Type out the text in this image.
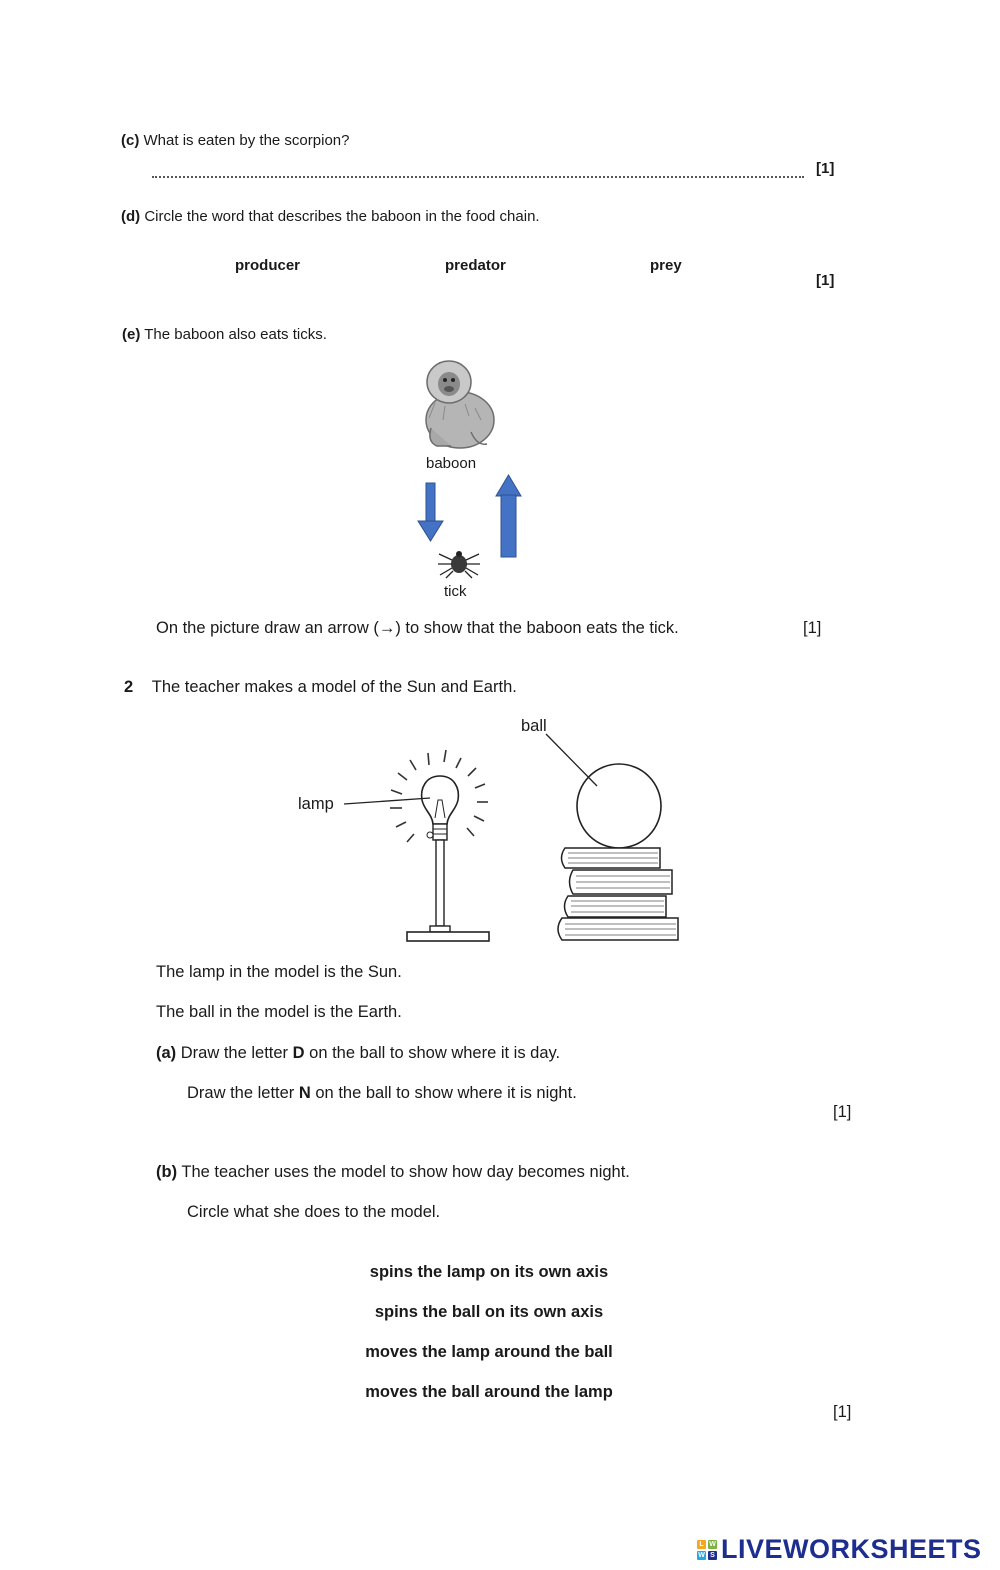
(c) What is eaten by the scorpion?
[1]
(d) Circle the word that describes the baboon in the food chain.
producer	predator	prey
[1]
(e) The baboon also eats ticks.
baboon
tick
On the picture draw an arrow (→) to show that the baboon eats the tick.	[1]
2 The teacher makes a model of the Sun and Earth.
ball
lamp
The lamp in the model is the Sun.
The ball in the model is the Earth.
(a) Draw the letter D on the ball to show where it is day.
Draw the letter N on the ball to show where it is night.
[1]
(b) The teacher uses the model to show how day becomes night.
Circle what she does to the model.
spins the lamp on its own axis
spins the ball on its own axis
moves the lamp around the ball
moves the ball around the lamp
[1]
L W
W S LIVEWORKSHEETS
